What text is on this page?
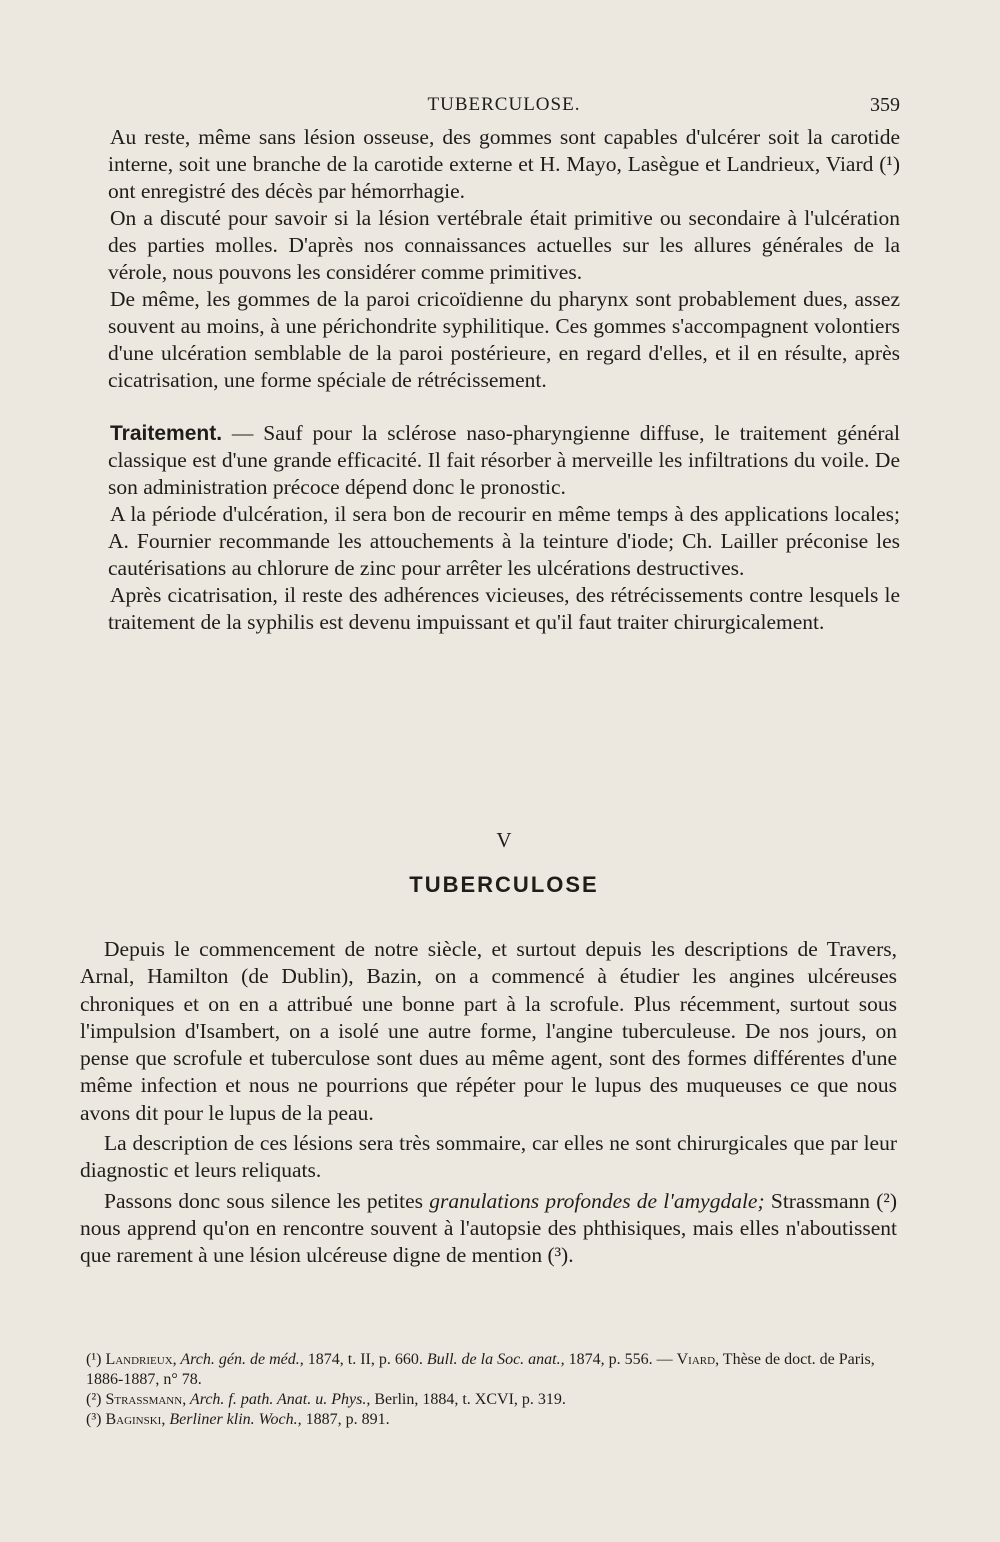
TUBERCULOSE.	359

Au reste, même sans lésion osseuse, des gommes sont capables d'ulcérer soit la carotide interne, soit une branche de la carotide externe et H. Mayo, Lasègue et Landrieux, Viard (¹) ont enregistré des décès par hémorrhagie.

On a discuté pour savoir si la lésion vertébrale était primitive ou secondaire à l'ulcération des parties molles. D'après nos connaissances actuelles sur les allures générales de la vérole, nous pouvons les considérer comme primitives.

De même, les gommes de la paroi cricoïdienne du pharynx sont probablement dues, assez souvent au moins, à une périchondrite syphilitique. Ces gommes s'accompagnent volontiers d'une ulcération semblable de la paroi postérieure, en regard d'elles, et il en résulte, après cicatrisation, une forme spéciale de rétrécissement.

Traitement. — Sauf pour la sclérose naso-pharyngienne diffuse, le traitement général classique est d'une grande efficacité. Il fait résorber à merveille les infiltrations du voile. De son administration précoce dépend donc le pronostic.

A la période d'ulcération, il sera bon de recourir en même temps à des applications locales; A. Fournier recommande les attouchements à la teinture d'iode; Ch. Lailler préconise les cautérisations au chlorure de zinc pour arrêter les ulcérations destructives.

Après cicatrisation, il reste des adhérences vicieuses, des rétrécissements contre lesquels le traitement de la syphilis est devenu impuissant et qu'il faut traiter chirurgicalement.

V
TUBERCULOSE

Depuis le commencement de notre siècle, et surtout depuis les descriptions de Travers, Arnal, Hamilton (de Dublin), Bazin, on a commencé à étudier les angines ulcéreuses chroniques et on en a attribué une bonne part à la scrofule. Plus récemment, surtout sous l'impulsion d'Isambert, on a isolé une autre forme, l'angine tuberculeuse. De nos jours, on pense que scrofule et tuberculose sont dues au même agent, sont des formes différentes d'une même infection et nous ne pourrions que répéter pour le lupus des muqueuses ce que nous avons dit pour le lupus de la peau.

La description de ces lésions sera très sommaire, car elles ne sont chirurgicales que par leur diagnostic et leurs reliquats.

Passons donc sous silence les petites granulations profondes de l'amygdale; Strassmann (²) nous apprend qu'on en rencontre souvent à l'autopsie des phthisiques, mais elles n'aboutissent que rarement à une lésion ulcéreuse digne de mention (³).

(¹) Landrieux, Arch. gén. de méd., 1874, t. II, p. 660. Bull. de la Soc. anat., 1874, p. 556. — Viard, Thèse de doct. de Paris, 1886-1887, n° 78.

(²) Strassmann, Arch. f. path. Anat. u. Phys., Berlin, 1884, t. XCVI, p. 319.

(³) Baginski, Berliner klin. Woch., 1887, p. 891.
